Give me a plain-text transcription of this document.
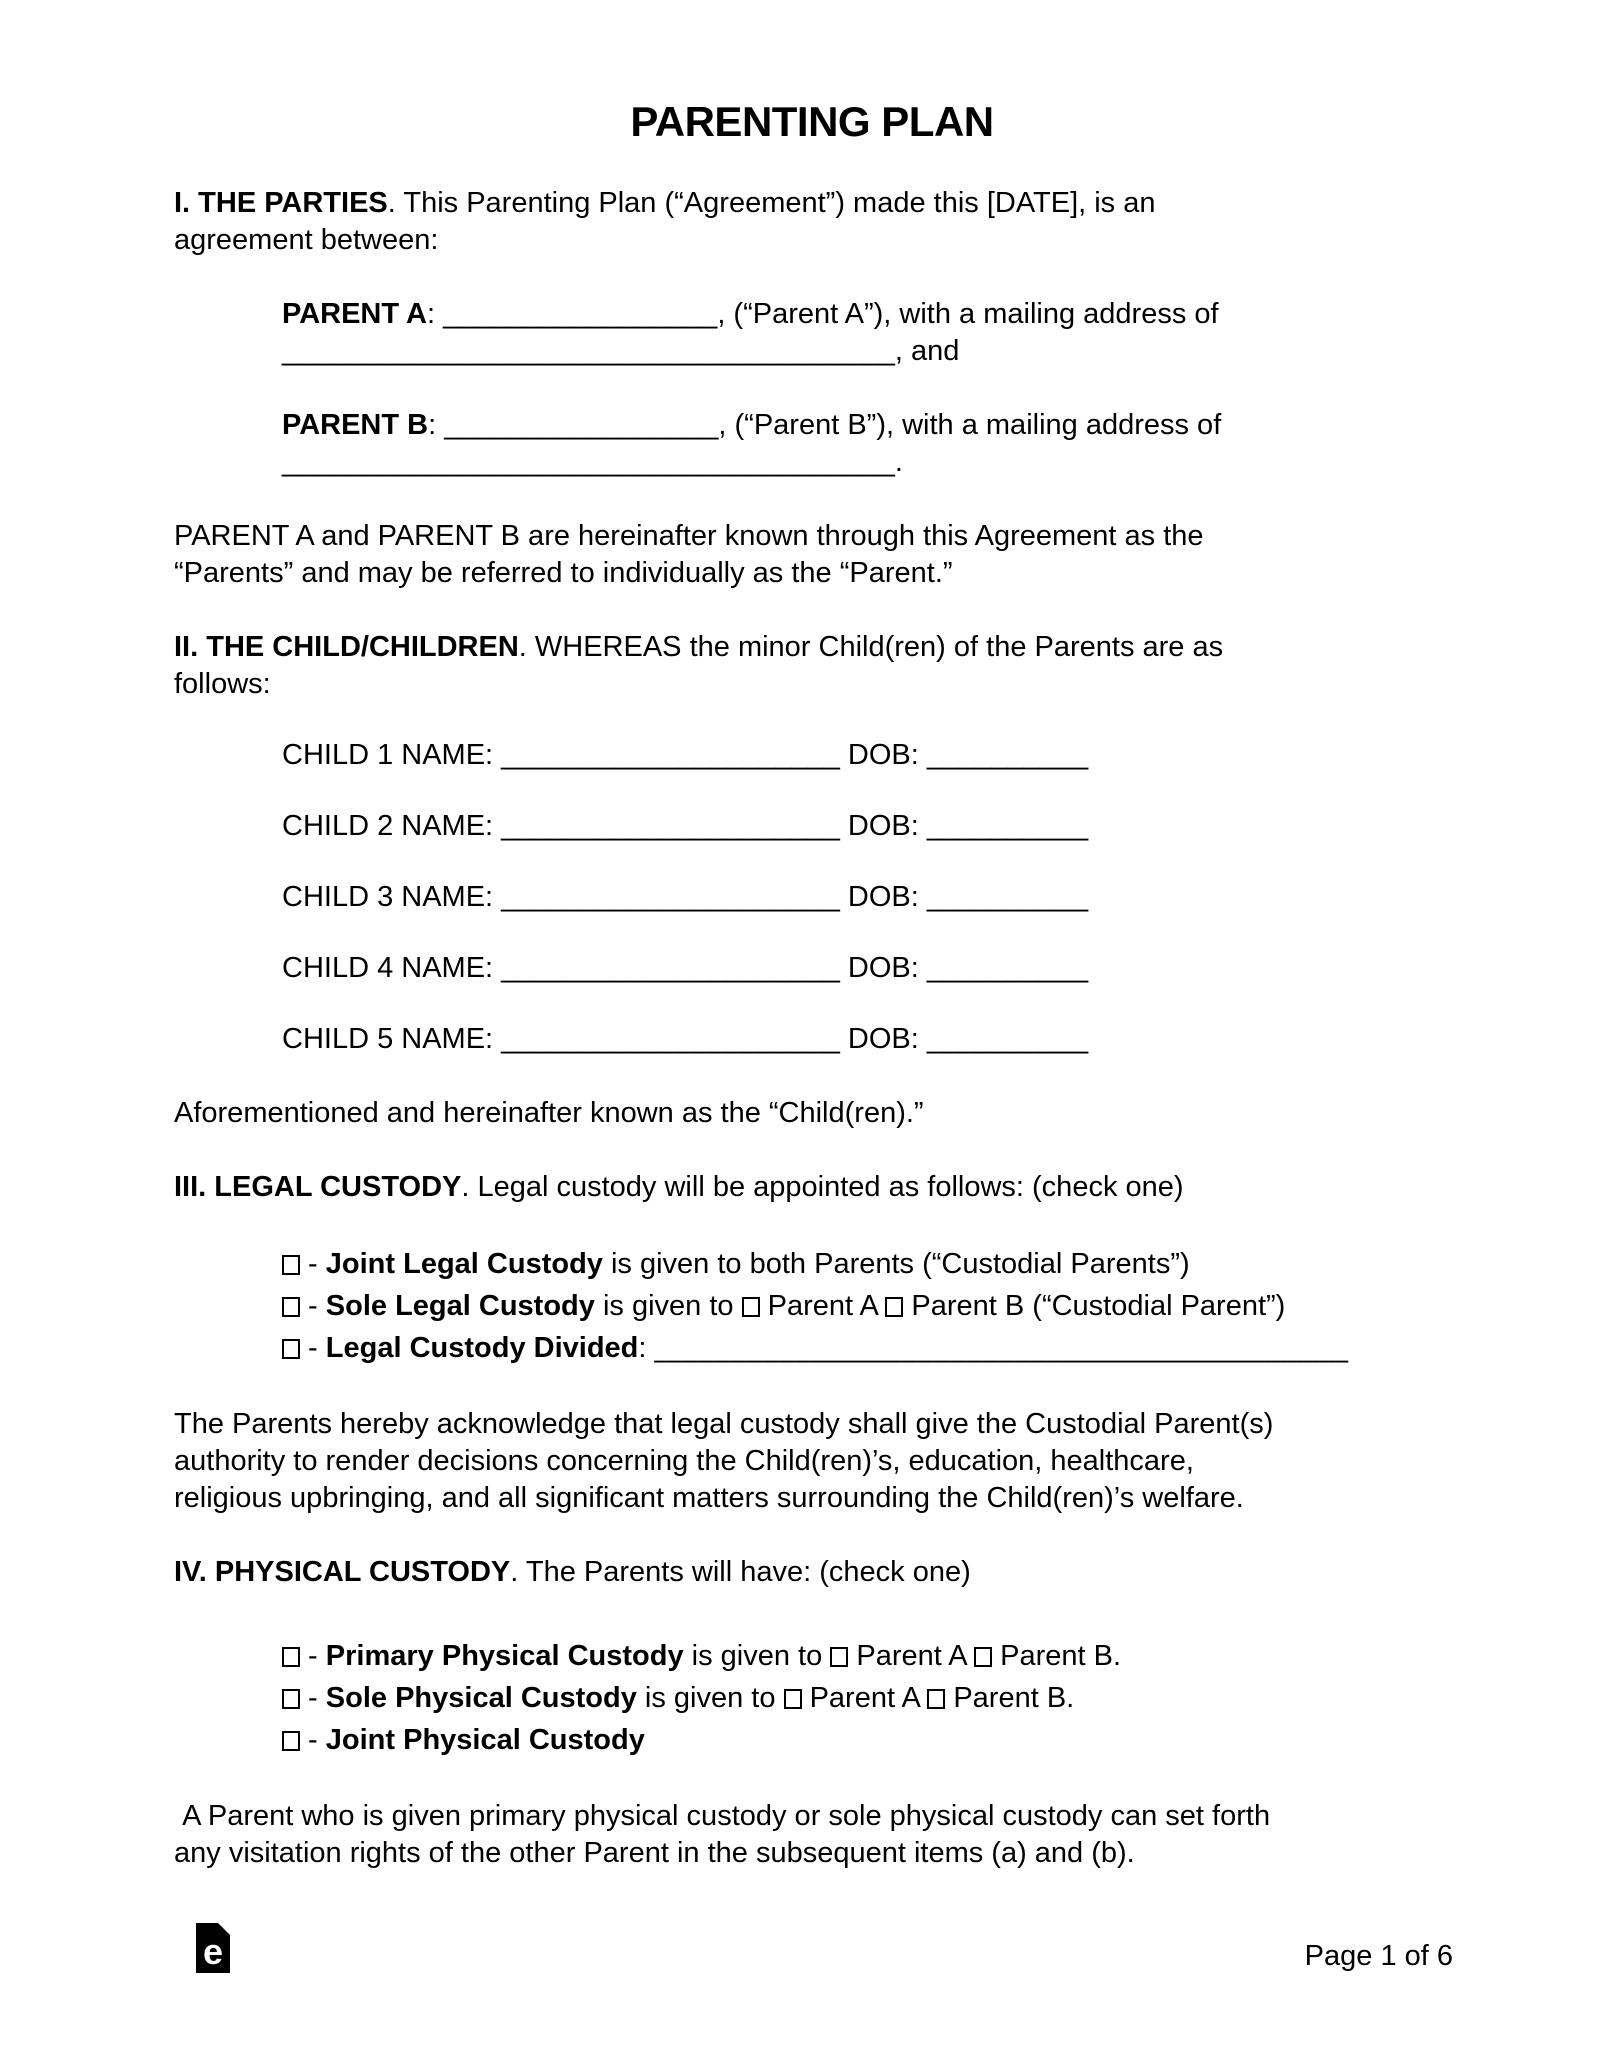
PARENTING PLAN
I. THE PARTIES. This Parenting Plan (“Agreement”) made this [DATE], is an
agreement between:
PARENT A: _________________, (“Parent A”), with a mailing address of
______________________________________, and
PARENT B: _________________, (“Parent B”), with a mailing address of
______________________________________.
PARENT A and PARENT B are hereinafter known through this Agreement as the
“Parents” and may be referred to individually as the “Parent.”
II. THE CHILD/CHILDREN. WHEREAS the minor Child(ren) of the Parents are as
follows:
CHILD 1 NAME: _____________________ DOB: __________
CHILD 2 NAME: _____________________ DOB: __________
CHILD 3 NAME: _____________________ DOB: __________
CHILD 4 NAME: _____________________ DOB: __________
CHILD 5 NAME: _____________________ DOB: __________
Aforementioned and hereinafter known as the “Child(ren).”
III. LEGAL CUSTODY. Legal custody will be appointed as follows: (check one)
- Joint Legal Custody is given to both Parents (“Custodial Parents”)
- Sole Legal Custody is given to  Parent A  Parent B (“Custodial Parent”)
- Legal Custody Divided: ___________________________________________
The Parents hereby acknowledge that legal custody shall give the Custodial Parent(s)
authority to render decisions concerning the Child(ren)’s, education, healthcare,
religious upbringing, and all significant matters surrounding the Child(ren)’s welfare.
IV. PHYSICAL CUSTODY. The Parents will have: (check one)
- Primary Physical Custody is given to  Parent A  Parent B.
- Sole Physical Custody is given to  Parent A  Parent B.
- Joint Physical Custody
A Parent who is given primary physical custody or sole physical custody can set forth
any visitation rights of the other Parent in the subsequent items (a) and (b).
e	Page 1 of 6
